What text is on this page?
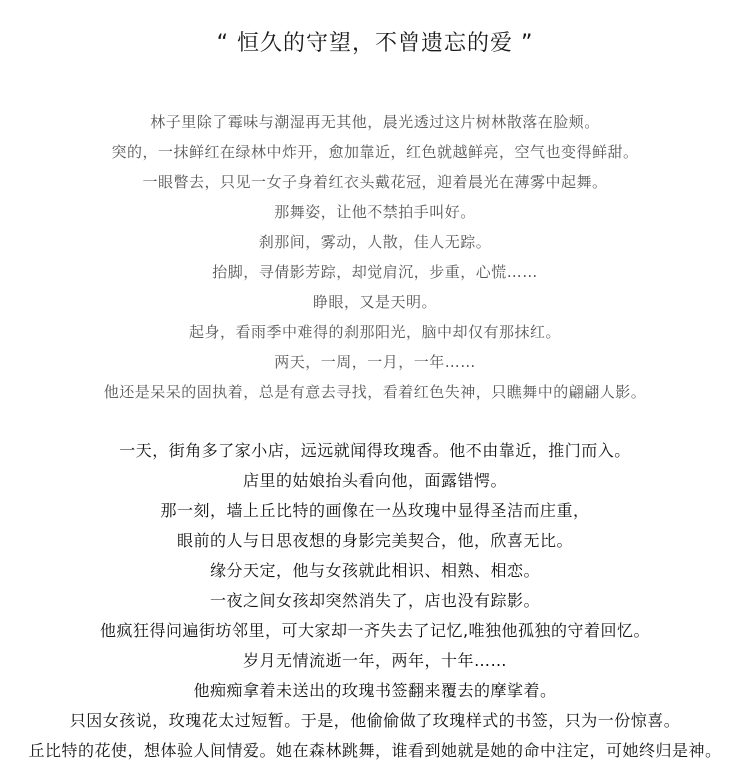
“ 恒久的守望，不曾遗忘的爱 ”
林子里除了霉味与潮湿再无其他，晨光透过这片树林散落在脸颊。
突的，一抹鲜红在绿林中炸开，愈加靠近，红色就越鲜亮，空气也变得鲜甜。
一眼瞥去，只见一女子身着红衣头戴花冠，迎着晨光在薄雾中起舞。
那舞姿，让他不禁拍手叫好。
刹那间，雾动，人散，佳人无踪。
抬脚，寻倩影芳踪，却觉肩沉，步重，心慌……
睁眼，又是天明。
起身，看雨季中难得的刹那阳光，脑中却仅有那抹红。
两天，一周，一月，一年……
他还是呆呆的固执着，总是有意去寻找，看着红色失神，只瞧舞中的翩翩人影。
一天，街角多了家小店，远远就闻得玫瑰香。他不由靠近，推门而入。
店里的姑娘抬头看向他，面露错愕。
那一刻，墙上丘比特的画像在一丛玫瑰中显得圣洁而庄重，
眼前的人与日思夜想的身影完美契合，他，欣喜无比。
缘分天定，他与女孩就此相识、相熟、相恋。
一夜之间女孩却突然消失了，店也没有踪影。
他疯狂得问遍街坊邻里，可大家却一齐失去了记忆,唯独他孤独的守着回忆。
岁月无情流逝一年，两年，十年……
他痴痴拿着未送出的玫瑰书签翻来覆去的摩挲着。
只因女孩说，玫瑰花太过短暂。于是，他偷偷做了玫瑰样式的书签，只为一份惊喜。
丘比特的花使，想体验人间情爱。她在森林跳舞，谁看到她就是她的命中注定，可她终归是神。
